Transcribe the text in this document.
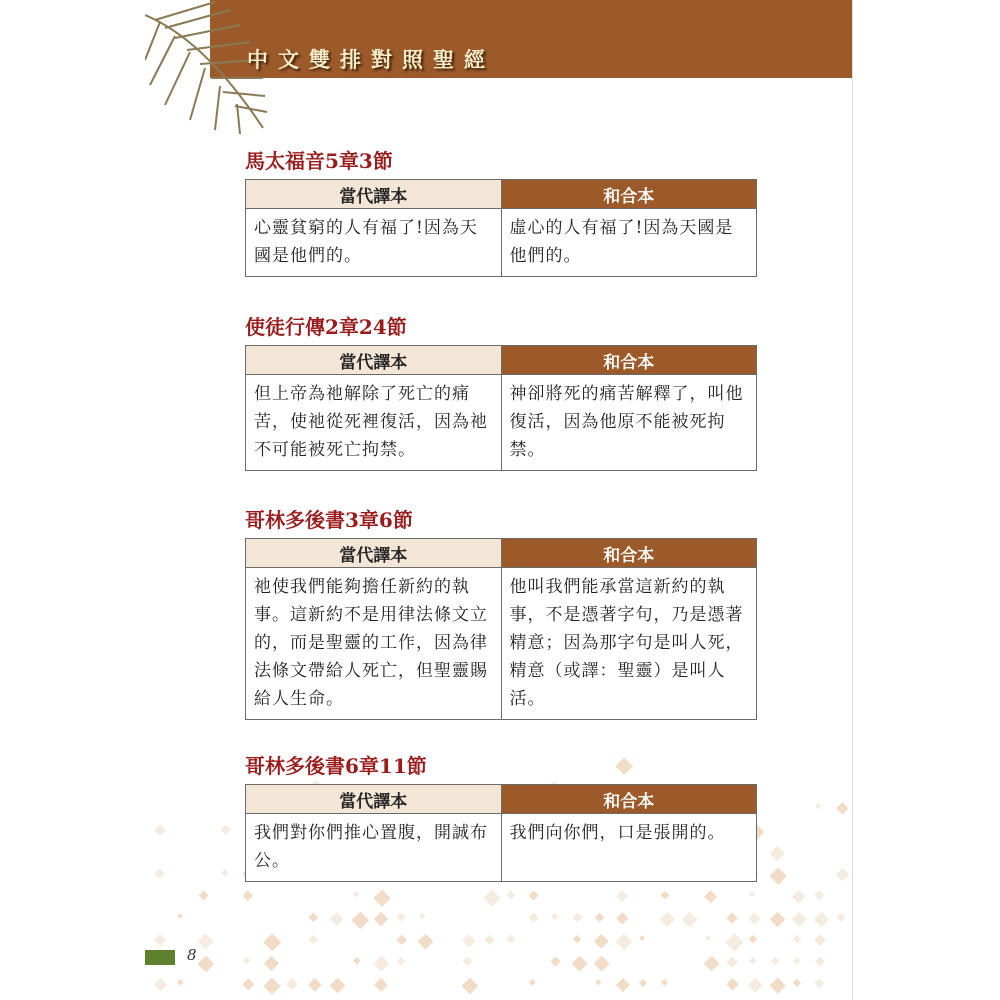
中文雙排對照聖經
馬太福音5章3節
當代譯本	和合本
心靈貧窮的人有福了!因為天國是他們的。	虛心的人有福了!因為天國是他們的。
使徒行傳2章24節
當代譯本	和合本
但上帝為祂解除了死亡的痛苦，使祂從死裡復活，因為祂不可能被死亡拘禁。	神卻將死的痛苦解釋了，叫他復活，因為他原不能被死拘禁。
哥林多後書3章6節
當代譯本	和合本
祂使我們能夠擔任新約的執事。這新約不是用律法條文立的，而是聖靈的工作，因為律法條文帶給人死亡，但聖靈賜給人生命。	他叫我們能承當這新約的執事，不是憑著字句，乃是憑著精意；因為那字句是叫人死，精意（或譯：聖靈）是叫人活。
哥林多後書6章11節
當代譯本	和合本
我們對你們推心置腹，開誠布公。	我們向你們，口是張開的。
8
